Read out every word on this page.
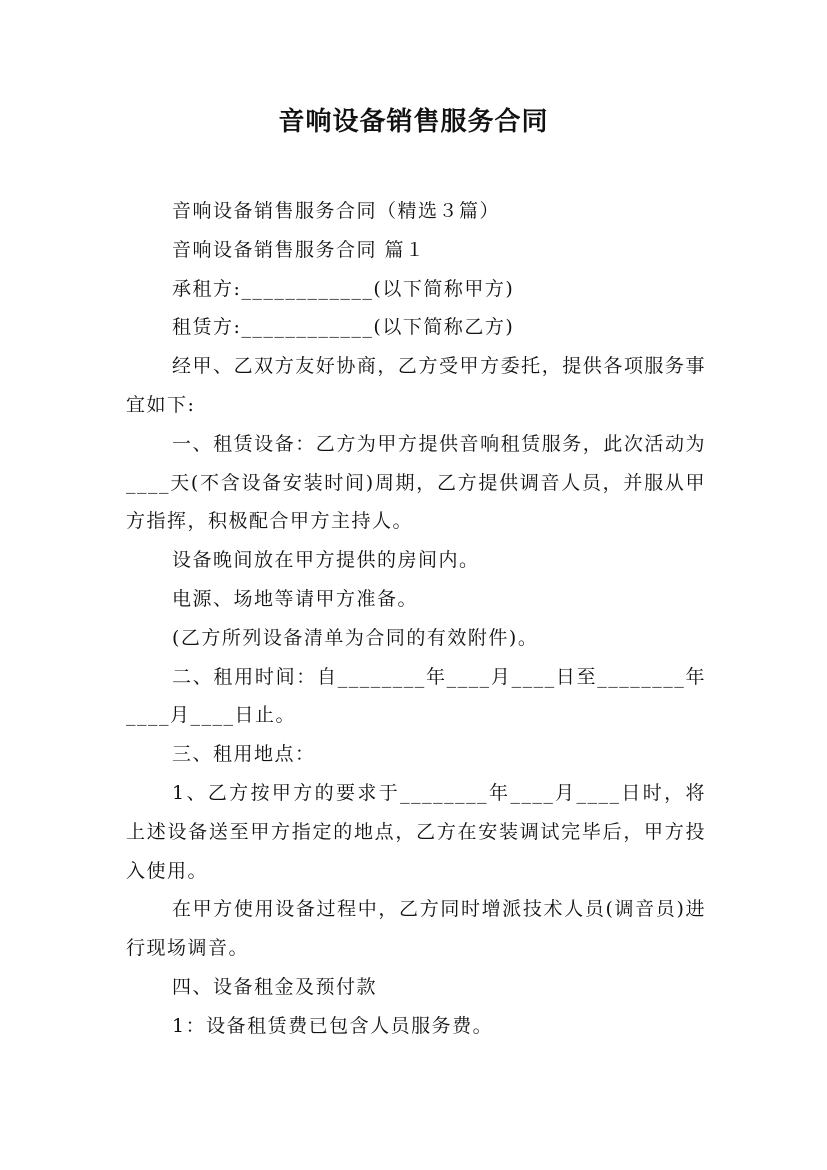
音响设备销售服务合同

音响设备销售服务合同（精选３篇）

音响设备销售服务合同 篇１

承租方:____________(以下简称甲方)

租赁方:____________(以下简称乙方)

经甲、乙双方友好协商，乙方受甲方委托，提供各项服务事宜如下:

一、租赁设备：乙方为甲方提供音响租赁服务，此次活动为____天(不含设备安装时间)周期，乙方提供调音人员，并服从甲方指挥，积极配合甲方主持人。

设备晚间放在甲方提供的房间内。

电源、场地等请甲方准备。

(乙方所列设备清单为合同的有效附件)。

二、租用时间：自________年____月____日至________年____月____日止。

三、租用地点：

1、乙方按甲方的要求于________年____月____日时，将上述设备送至甲方指定的地点，乙方在安装调试完毕后，甲方投入使用。

在甲方使用设备过程中，乙方同时增派技术人员(调音员)进行现场调音。

四、设备租金及预付款

1：设备租赁费已包含人员服务费。
